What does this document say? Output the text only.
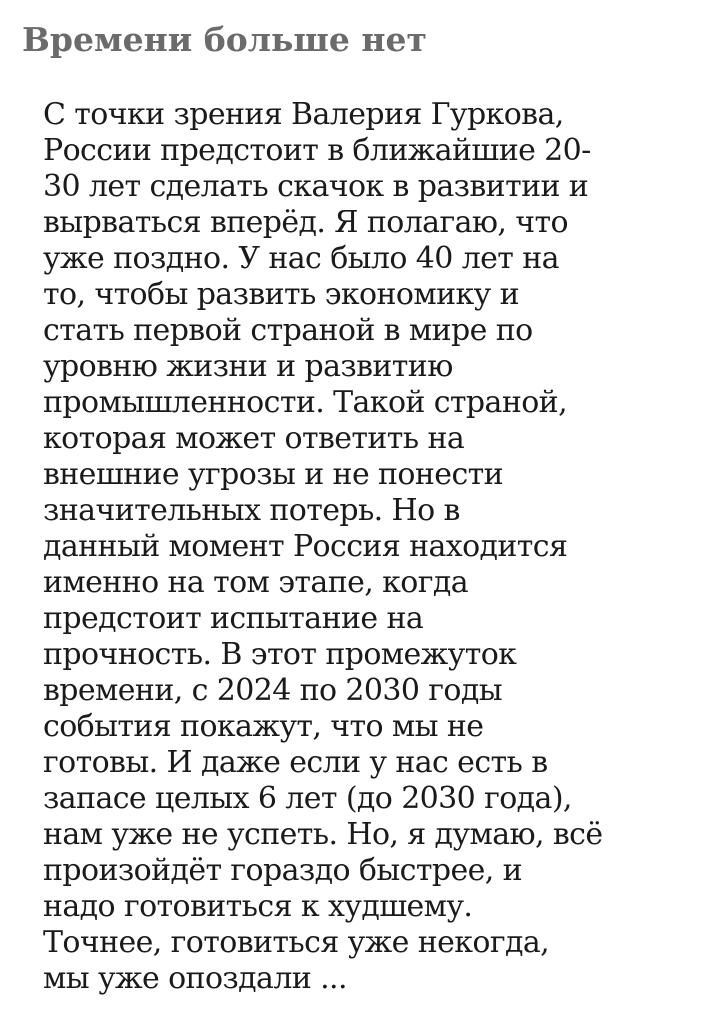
Времени больше нет
С точки зрения Валерия Гуркова,
России предстоит в ближайшие 20-
30 лет сделать скачок в развитии и
вырваться вперёд. Я полагаю, что
уже поздно. У нас было 40 лет на
то, чтобы развить экономику и
стать первой страной в мире по
уровню жизни и развитию
промышленности. Такой страной,
которая может ответить на
внешние угрозы и не понести
значительных потерь. Но в
данный момент Россия находится
именно на том этапе, когда
предстоит испытание на
прочность. В этот промежуток
времени, с 2024 по 2030 годы
события покажут, что мы не
готовы. И даже если у нас есть в
запасе целых 6 лет (до 2030 года),
нам уже не успеть. Но, я думаю, всё
произойдёт гораздо быстрее, и
надо готовиться к худшему.
Точнее, готовиться уже некогда,
мы уже опоздали ...
